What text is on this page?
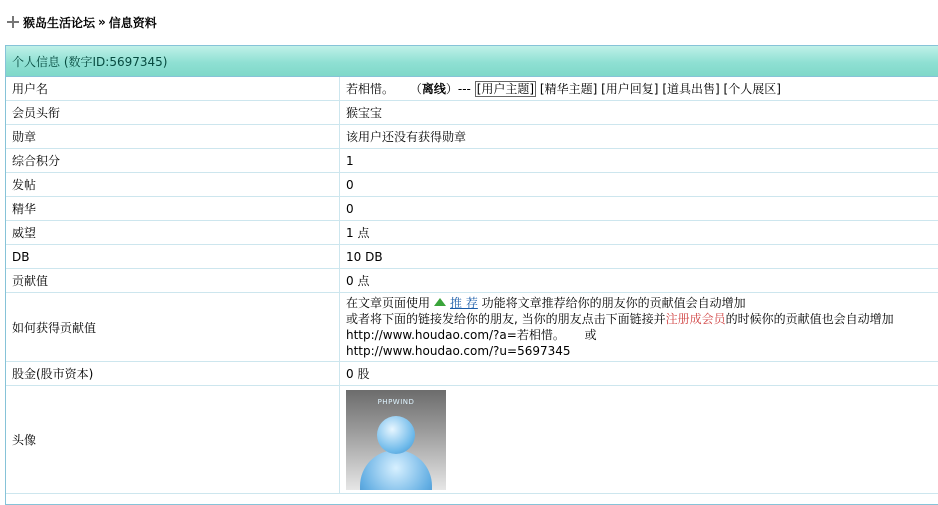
猴岛生活论坛 » 信息资料
个人信息 (数字ID:5697345)
用户名	若相惜。 （离线）--- [用户主题] [精华主题] [用户回复] [道具出售] [个人展区]
会员头衔	猴宝宝
勋章	该用户还没有获得勋章
综合积分	1
发帖	0
精华	0
威望	1 点
DB	10 DB
贡献值	0 点
如何获得贡献值	在文章页面使用 推 荐 功能将文章推荐给你的朋友你的贡献值会自动增加
或者将下面的链接发给你的朋友, 当你的朋友点击下面链接并注册成会员的时候你的贡献值也会自动增加
http://www.houdao.com/?a=若相惜。 或
http://www.houdao.com/?u=5697345

股金(股市资本)	0 股
头像	PHPWIND
